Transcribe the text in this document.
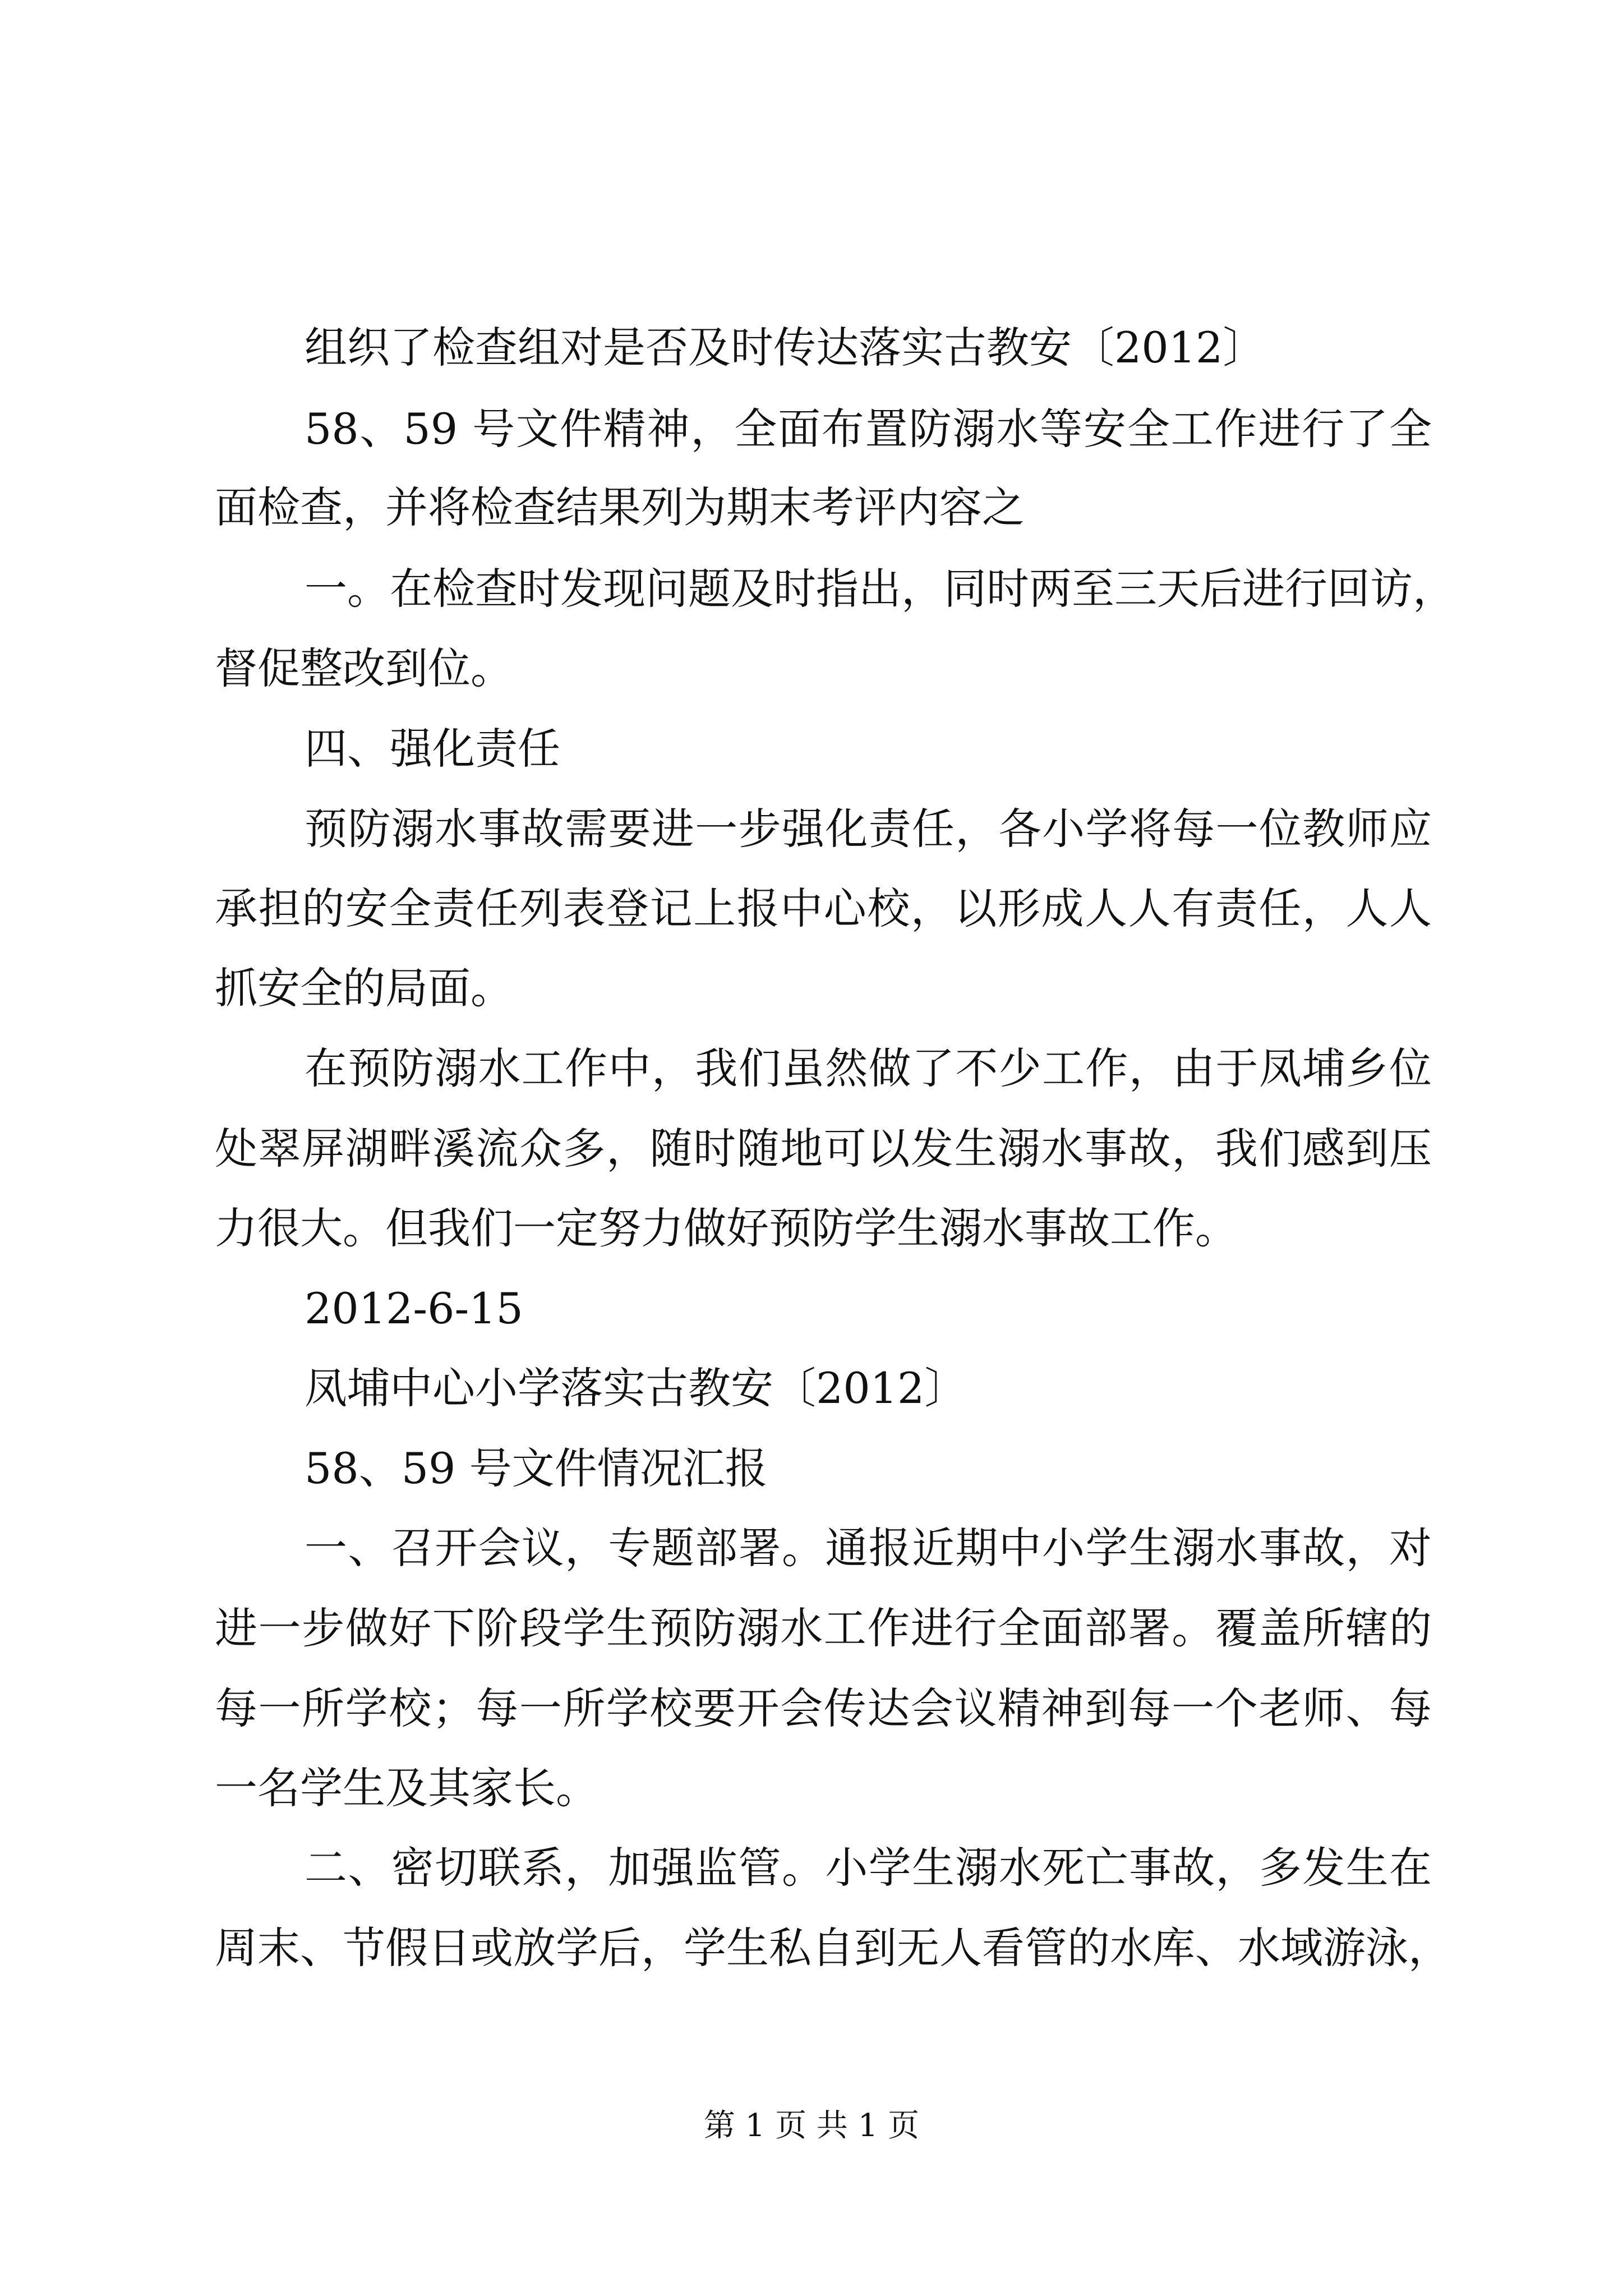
组织了检查组对是否及时传达落实古教安〔2012〕
58、59 号文件精神，全面布置防溺水等安全工作进行了全
面检查，并将检查结果列为期末考评内容之
一。在检查时发现问题及时指出，同时两至三天后进行回访，
督促整改到位。
四、强化责任
预防溺水事故需要进一步强化责任，各小学将每一位教师应
承担的安全责任列表登记上报中心校，以形成人人有责任，人人
抓安全的局面。
在预防溺水工作中，我们虽然做了不少工作，由于凤埔乡位
处翠屏湖畔溪流众多，随时随地可以发生溺水事故，我们感到压
力很大。但我们一定努力做好预防学生溺水事故工作。
2012-6-15
凤埔中心小学落实古教安〔2012〕
58、59 号文件情况汇报
一、召开会议，专题部署。通报近期中小学生溺水事故，对
进一步做好下阶段学生预防溺水工作进行全面部署。覆盖所辖的
每一所学校；每一所学校要开会传达会议精神到每一个老师、每
一名学生及其家长。
二、密切联系，加强监管。小学生溺水死亡事故，多发生在
周末、节假日或放学后，学生私自到无人看管的水库、水域游泳，
第 1 页 共 1 页
